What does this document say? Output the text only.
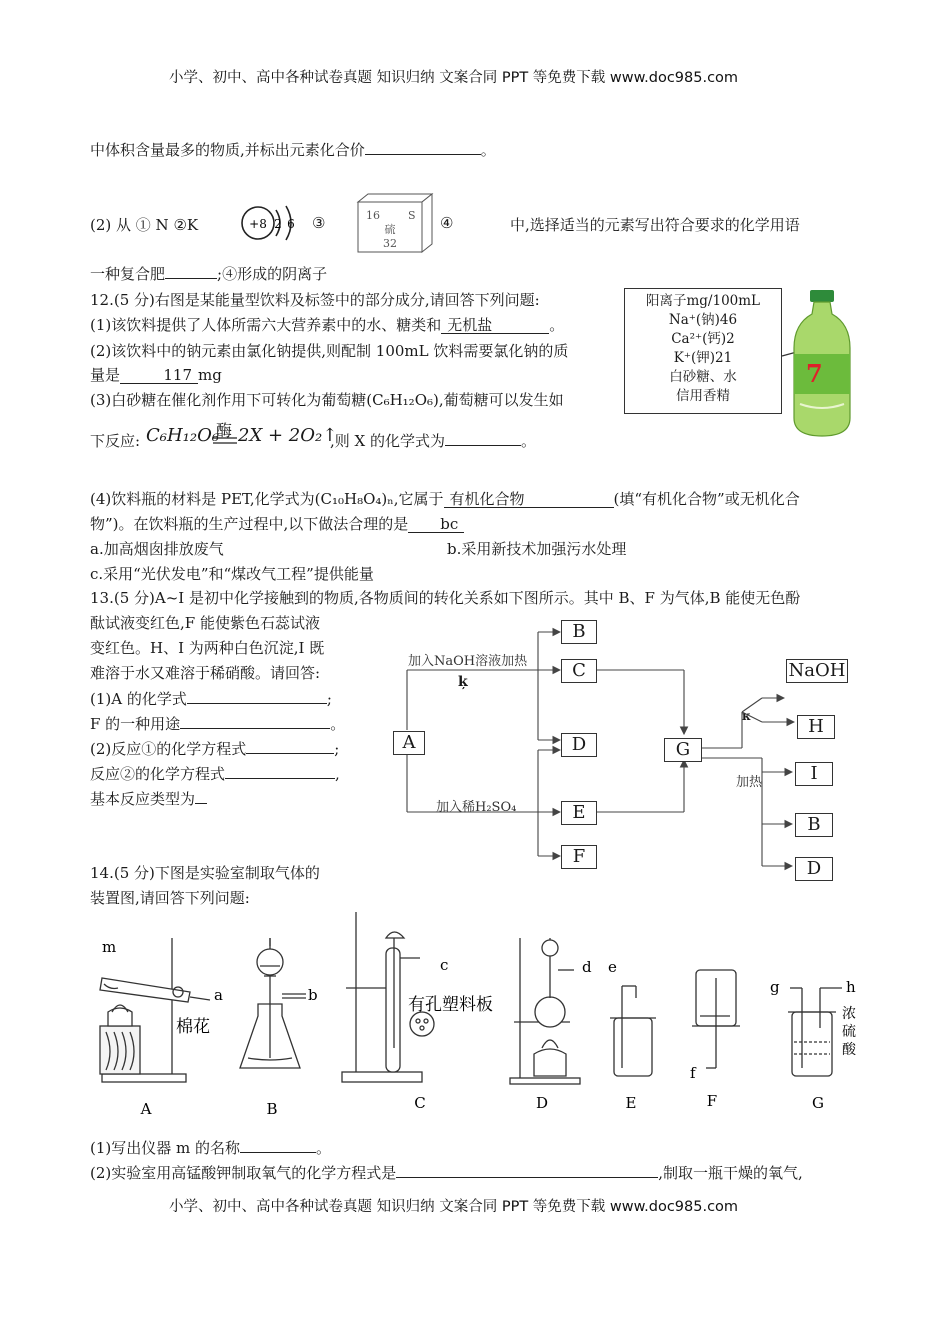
小学、初中、高中各种试卷真题 知识归纳 文案合同 PPT 等免费下载 www.doc985.com
小学、初中、高中各种试卷真题 知识归纳 文案合同 PPT 等免费下载 www.doc985.com
中体积含量最多的物质,并标出元素化合价	。
(2) 从 ① N ②K	+8 2 6 ③	16	S
硫
32
④	中,选择适当的元素写出符合要求的化学用语
一种复合肥	;④形成的阴离子
12.(5 分)右图是某能量型饮料及标签中的部分成分,请回答下列问题:
(1)该饮料提供了人体所需六大营养素中的水、糖类和 无机盐	。
(2)该饮料中的钠元素由氯化钠提供,则配制 100mL 饮料需要氯化钠的质
量是	117 mg
(3)白砂糖在催化剂作用下可转化为葡萄糖(C₆H₁₂O₆),葡萄糖可以发生如
下反应: C₆H₁₂O₆
酶 2X + 2O₂↑
,则 X 的化学式为	。
(4)饮料瓶的材料是 PET,化学式为(C₁₀H₈O₄)ₙ,它属于 有机化合物	(填“有机化合物”或无机化合
物”)。在饮料瓶的生产过程中,以下做法合理的是 bc
a.加高烟囱排放废气	b.采用新技术加强污水处理
c.采用“光伏发电”和“煤改气工程”提供能量
阳离子mg/100mL
Na⁺(钠)46
Ca²⁺(钙)2
K⁺(钾)21
白砂糖、水
信用香精
7
13.(5 分)A~I 是初中化学接触到的物质,各物质间的转化关系如下图所示。其中 B、F 为气体,B 能使无色酚
酞试液变红色,F 能使紫色石蕊试液
变红色。H、I 为两种白色沉淀,I 既
难溶于水又难溶于稀硝酸。请回答:
(1)A 的化学式	;
F 的一种用途	。
(2)反应①的化学方程式	;
反应②的化学方程式	,
基本反应类型为
A
B
C
D
E
F
G
NaOH
H
I
B
D
加入NaOH溶液加热
ķ
ĸ
加入稀H₂SO₄
加热
14.(5 分)下图是实验室制取气体的
装置图,请回答下列问题:
m
a
棉花
b
c
有孔塑料板
d e
f
g	h
浓
硫
酸
A	B	C	D	E	F	G
(1)写出仪器 m 的名称	。
(2)实验室用高锰酸钾制取氧气的化学方程式是	,制取一瓶干燥的氧气,
